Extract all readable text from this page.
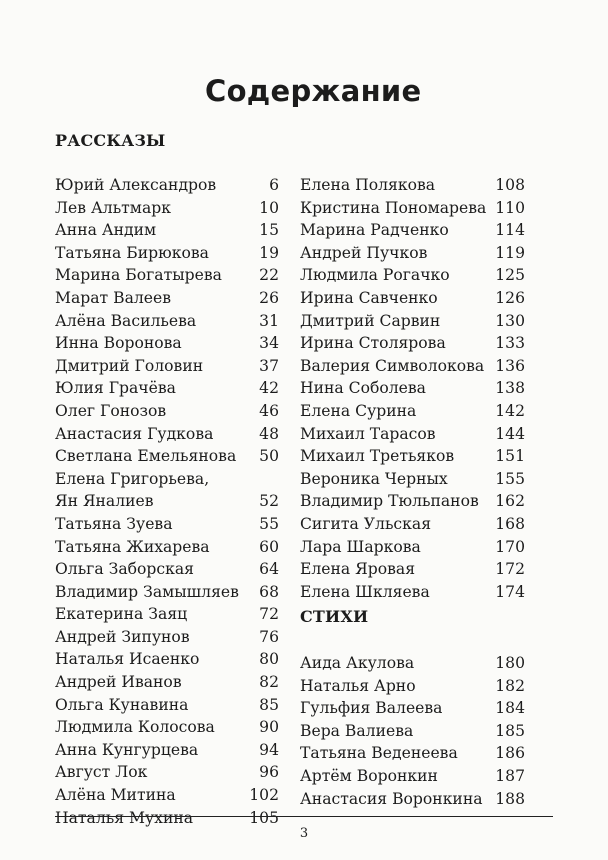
Содержание
РАССКАЗЫ
Юрий Александров	6
Лев Альтмарк	10
Анна Андим	15
Татьяна Бирюкова	19
Марина Богатырева 22
Марат Валеев	26
Алёна Васильева	31
Инна Воронова	34
Дмитрий Головин	37
Юлия Грачёва	42
Олег Гонозов	46
Анастасия Гудкова	48
Светлана Емельянова 50
Елена Григорьева,
Ян Яналиев	52
Татьяна Зуева	55
Татьяна Жихарева	60
Ольга Заборская	64
Владимир Замышляев 68
Екатерина Заяц	72
Андрей Зипунов	76
Наталья Исаенко	80
Андрей Иванов	82
Ольга Кунавина	85
Людмила Колосова	90
Анна Кунгурцева	94
Август Лок	96
Алёна Митина	102
Наталья Мухина	105
Елена Полякова	108
Кристина Пономарева 110
Марина Радченко	114
Андрей Пучков	119
Людмила Рогачко	125
Ирина Савченко	126
Дмитрий Сарвин	130
Ирина Столярова	133
Валерия Символокова 136
Нина Соболева	138
Елена Сурина	142
Михаил Тарасов	144
Михаил Третьяков	151
Вероника Черных	155
Владимир Тюльпанов 162
Сигита Ульская	168
Лара Шаркова	170
Елена Яровая	172
Елена Шкляева	174
СТИХИ
Аида Акулова	180
Наталья Арно	182
Гульфия Валеева	184
Вера Валиева	185
Татьяна Веденеева 186
Артём Воронкин	187
Анастасия Воронкина 188
3
